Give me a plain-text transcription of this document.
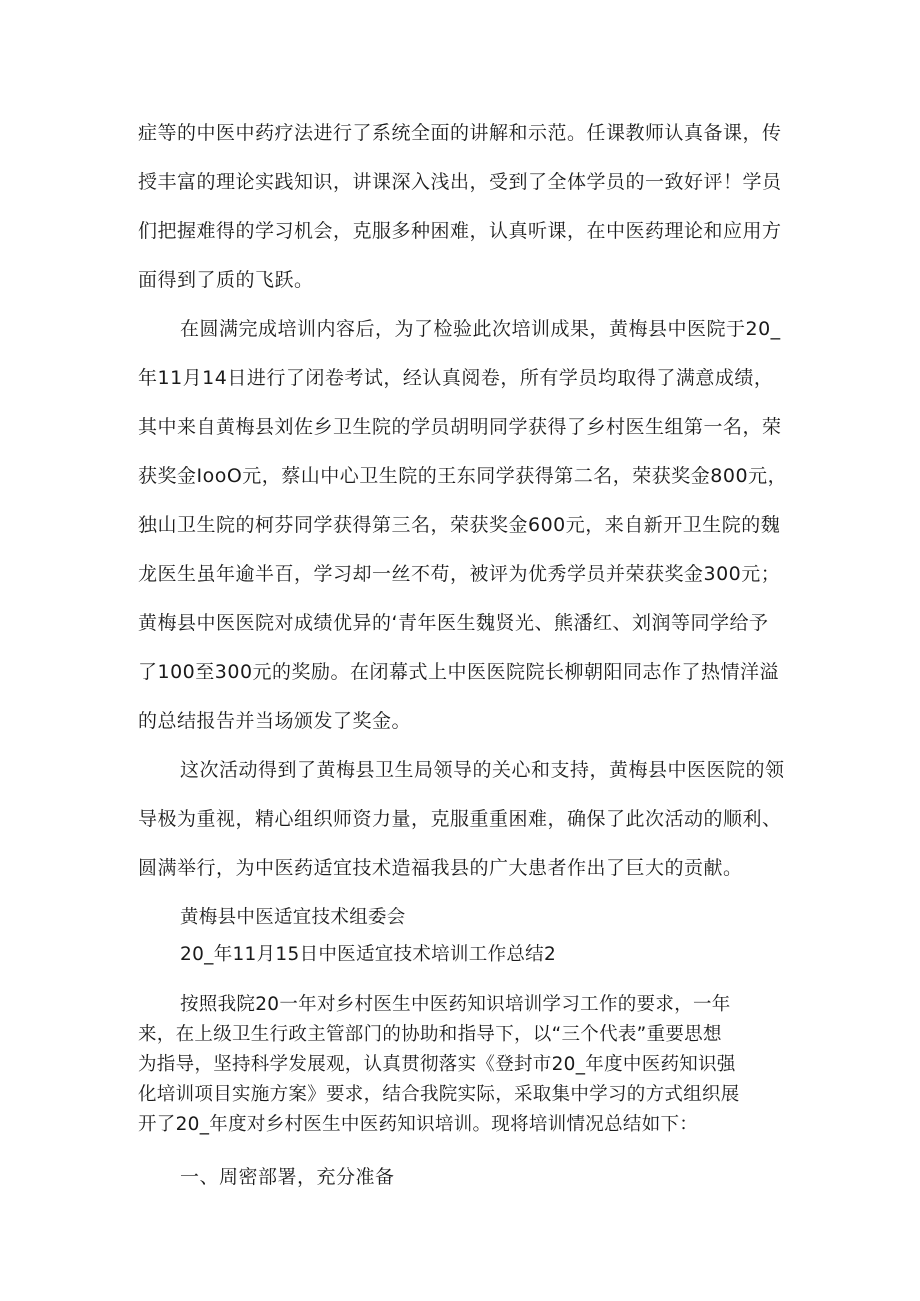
症等的中医中药疗法进行了系统全面的讲解和示范。任课教师认真备课，传
授丰富的理论实践知识，讲课深入浅出，受到了全体学员的一致好评！学员
们把握难得的学习机会，克服多种困难，认真听课，在中医药理论和应用方
面得到了质的飞跃。
在圆满完成培训内容后，为了检验此次培训成果，黄梅县中医院于20_
年11月14日进行了闭卷考试，经认真阅卷，所有学员均取得了满意成绩，
其中来自黄梅县刘佐乡卫生院的学员胡明同学获得了乡村医生组第一名，荣
获奖金IooO元，蔡山中心卫生院的王东同学获得第二名，荣获奖金800元，
独山卫生院的柯芬同学获得第三名，荣获奖金600元，来自新开卫生院的魏
龙医生虽年逾半百，学习却一丝不苟，被评为优秀学员并荣获奖金300元；
黄梅县中医医院对成绩优异的‘青年医生魏贤光、熊潘红、刘润等同学给予
了100至300元的奖励。在闭幕式上中医医院院长柳朝阳同志作了热情洋溢
的总结报告并当场颁发了奖金。
这次活动得到了黄梅县卫生局领导的关心和支持，黄梅县中医医院的领
导极为重视，精心组织师资力量，克服重重困难，确保了此次活动的顺利、
圆满举行，为中医药适宜技术造福我县的广大患者作出了巨大的贡献。
黄梅县中医适宜技术组委会
20_年11月15日中医适宜技术培训工作总结2
按照我院20一年对乡村医生中医药知识培训学习工作的要求，一年
来，在上级卫生行政主管部门的协助和指导下，以“三个代表”重要思想
为指导，坚持科学发展观，认真贯彻落实《登封市20_年度中医药知识强
化培训项目实施方案》要求，结合我院实际，采取集中学习的方式组织展
开了20_年度对乡村医生中医药知识培训。现将培训情况总结如下：
一、周密部署，充分准备
